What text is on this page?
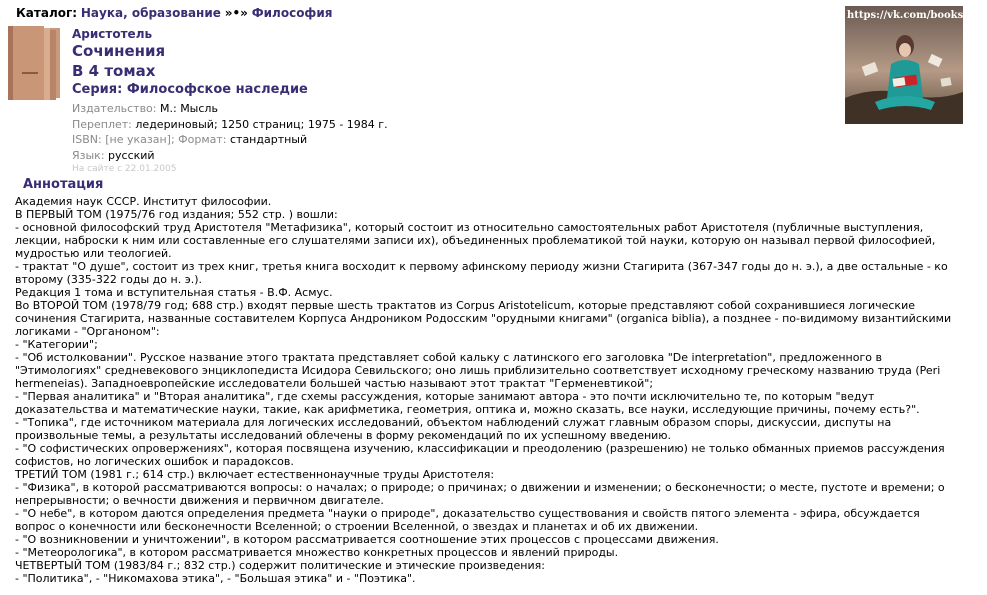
Каталог: Наука, образование »•» Философия
Аристотель
Сочинения
В 4 томах
Серия: Философское наследие
Издательство: М.: Мысль
Переплет: ледериновый; 1250 страниц; 1975 - 1984 г.
ISBN: [не указан]; Формат: стандартный
Язык: русский
На сайте с 22.01.2005
https://vk.com/books_vrn
Аннотация

Академия наук СССР. Институт философии.

В ПЕРВЫЙ ТОМ (1975/76 год издания; 552 стр. ) вошли:

- основной философский труд Аристотеля "Метафизика", который состоит из относительно самостоятельных работ Аристотеля (публичные выступления, лекции, наброски к ним или составленные его слушателями записи их), объединенных проблематикой той науки, которую он называл первой философией, мудростью или теологией.

- трактат "О душе", состоит из трех книг, третья книга восходит к первому афинскому периоду жизни Стагирита (367-347 годы до н. э.), а две остальные - ко второму (335-322 годы до н. э.).

Редакция 1 тома и вступительная статья - В.Ф. Асмус.

Во ВТОРОЙ ТОМ (1978/79 год; 688 стр.) входят первые шесть трактатов из Corpus Aristotelicum, которые представляют собой сохранившиеся логические сочинения Стагирита, названные составителем Корпуса Андроником Родосским "орудными книгами" (organica biblia), а позднее - по-видимому византийскими логиками - "Органоном":

- "Категории";

- "Об истолковании". Русское название этого трактата представляет собой кальку с латинского его заголовка "De interpretation", предложенного в "Этимологиях" средневекового энциклопедиста Исидора Севильского; оно лишь приблизительно соответствует исходному греческому названию труда (Peri hermeneias). Западноевропейские исследователи большей частью называют этот трактат "Герменевтикой";

- "Первая аналитика" и "Вторая аналитика", где схемы рассуждения, которые занимают автора - это почти исключительно те, по которым "ведут доказательства и математические науки, такие, как арифметика, геометрия, оптика и, можно сказать, все науки, исследующие причины, почему есть?".

- "Топика", где источником материала для логических исследований, объектом наблюдений служат главным образом споры, дискуссии, диспуты на произвольные темы, а результаты исследований облечены в форму рекомендаций по их успешному введению.

- "О софистических опровержениях", которая посвящена изучению, классификации и преодолению (разрешению) не только обманных приемов рассуждения софистов, но логических ошибок и парадоксов.

ТРЕТИЙ ТОМ (1981 г.; 614 стр.) включает естественнонаучные труды Аристотеля:

- "Физика", в которой рассматриваются вопросы: о началах; о природе; о причинах; о движении и изменении; о бесконечности; о месте, пустоте и времени; о непрерывности; о вечности движения и первичном двигателе.

- "О небе", в котором даются определения предмета "науки о природе", доказательство существования и свойств пятого элемента - эфира, обсуждается вопрос о конечности или бесконечности Вселенной; о строении Вселенной, о звездах и планетах и об их движении.

- "О возникновении и уничтожении", в котором рассматривается соотношение этих процессов с процессами движения.

- "Метеорологика", в котором рассматривается множество конкретных процессов и явлений природы.

ЧЕТВЕРТЫЙ ТОМ (1983/84 г.; 832 стр.) содержит политические и этические произведения:

- "Политика", - "Никомахова этика", - "Большая этика" и - "Поэтика".
